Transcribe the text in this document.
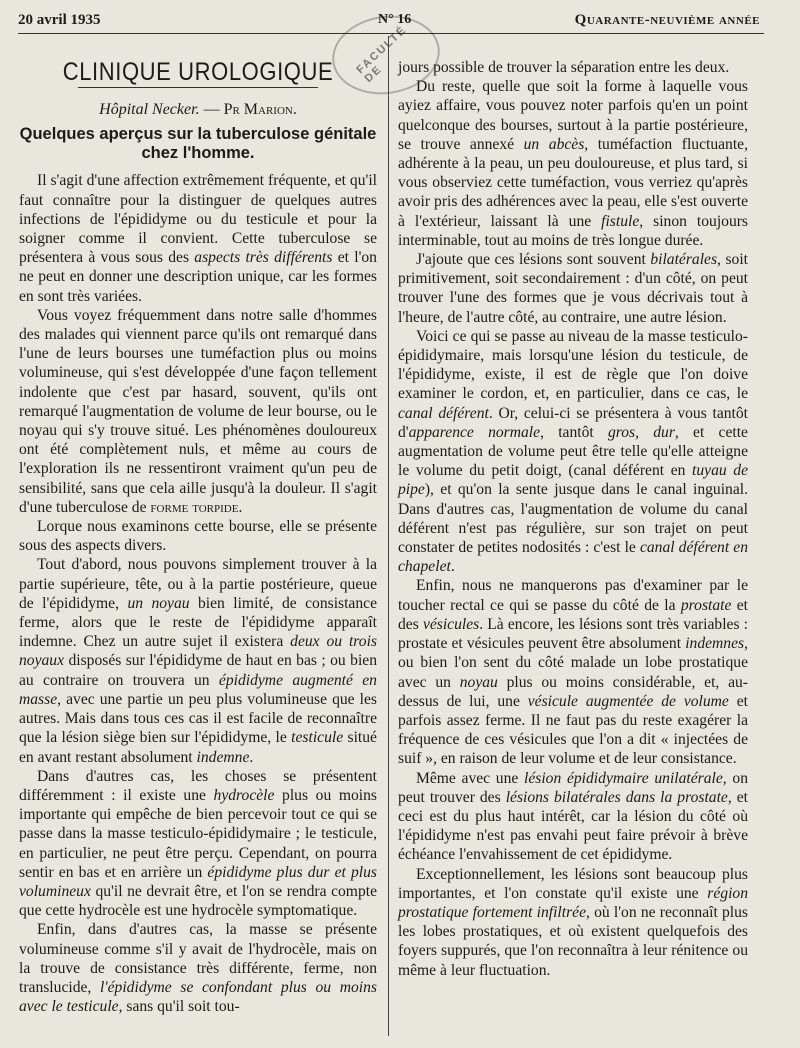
20 avril 1935	N° 16	Quarante-neuvième année
FACULTÉ DE
CLINIQUE UROLOGIQUE
Hôpital Necker. — Pr Marion.
Quelques aperçus sur la tuberculose génitale chez l'homme.

Il s'agit d'une affection extrêmement fréquente, et qu'il faut connaître pour la distinguer de quelques autres infections de l'épididyme ou du testicule et pour la soigner comme il convient. Cette tuberculose se présentera à vous sous des aspects très différents et l'on ne peut en donner une description unique, car les formes en sont très variées.

Vous voyez fréquemment dans notre salle d'hommes des malades qui viennent parce qu'ils ont remarqué dans l'une de leurs bourses une tuméfaction plus ou moins volumineuse, qui s'est développée d'une façon tellement indolente que c'est par hasard, souvent, qu'ils ont remarqué l'augmentation de volume de leur bourse, ou le noyau qui s'y trouve situé. Les phénomènes douloureux ont été complètement nuls, et même au cours de l'exploration ils ne ressentiront vraiment qu'un peu de sensibilité, sans que cela aille jusqu'à la douleur. Il s'agit d'une tuberculose de forme torpide.

Lorque nous examinons cette bourse, elle se présente sous des aspects divers.

Tout d'abord, nous pouvons simplement trouver à la partie supérieure, tête, ou à la partie postérieure, queue de l'épididyme, un noyau bien limité, de consistance ferme, alors que le reste de l'épididyme apparaît indemne. Chez un autre sujet il existera deux ou trois noyaux disposés sur l'épididyme de haut en bas ; ou bien au contraire on trouvera un épididyme augmenté en masse, avec une partie un peu plus volumineuse que les autres. Mais dans tous ces cas il est facile de reconnaître que la lésion siège bien sur l'épididyme, le testicule situé en avant restant absolument indemne.

Dans d'autres cas, les choses se présentent différemment : il existe une hydrocèle plus ou moins importante qui empêche de bien percevoir tout ce qui se passe dans la masse testiculo-épididymaire ; le testicule, en particulier, ne peut être perçu. Cependant, on pourra sentir en bas et en arrière un épididyme plus dur et plus volumineux qu'il ne devrait être, et l'on se rendra compte que cette hydrocèle est une hydrocèle symptomatique.

Enfin, dans d'autres cas, la masse se présente volumineuse comme s'il y avait de l'hydrocèle, mais on la trouve de consistance très différente, ferme, non translucide, l'épididyme se confondant plus ou moins avec le testicule, sans qu'il soit tou-

jours possible de trouver la séparation entre les deux.

Du reste, quelle que soit la forme à laquelle vous ayiez affaire, vous pouvez noter parfois qu'en un point quelconque des bourses, surtout à la partie postérieure, se trouve annexé un abcès, tuméfaction fluctuante, adhérente à la peau, un peu douloureuse, et plus tard, si vous observiez cette tuméfaction, vous verriez qu'après avoir pris des adhérences avec la peau, elle s'est ouverte à l'extérieur, laissant là une fistule, sinon toujours interminable, tout au moins de très longue durée.

J'ajoute que ces lésions sont souvent bilatérales, soit primitivement, soit secondairement : d'un côté, on peut trouver l'une des formes que je vous décrivais tout à l'heure, de l'autre côté, au contraire, une autre lésion.

Voici ce qui se passe au niveau de la masse testiculo-épididymaire, mais lorsqu'une lésion du testicule, de l'épididyme, existe, il est de règle que l'on doive examiner le cordon, et, en particulier, dans ce cas, le canal déférent. Or, celui-ci se présentera à vous tantôt d'apparence normale, tantôt gros, dur, et cette augmentation de volume peut être telle qu'elle atteigne le volume du petit doigt, (canal déférent en tuyau de pipe), et qu'on la sente jusque dans le canal inguinal. Dans d'autres cas, l'augmentation de volume du canal déférent n'est pas régulière, sur son trajet on peut constater de petites nodosités : c'est le canal déférent en chapelet.

Enfin, nous ne manquerons pas d'examiner par le toucher rectal ce qui se passe du côté de la prostate et des vésicules. Là encore, les lésions sont très variables : prostate et vésicules peuvent être absolument indemnes, ou bien l'on sent du côté malade un lobe prostatique avec un noyau plus ou moins considérable, et, au-dessus de lui, une vésicule augmentée de volume et parfois assez ferme. Il ne faut pas du reste exagérer la fréquence de ces vésicules que l'on a dit « injectées de suif », en raison de leur volume et de leur consistance.

Même avec une lésion épididymaire unilatérale, on peut trouver des lésions bilatérales dans la prostate, et ceci est du plus haut intérêt, car la lésion du côté où l'épididyme n'est pas envahi peut faire prévoir à brève échéance l'envahissement de cet épididyme.

Exceptionnellement, les lésions sont beaucoup plus importantes, et l'on constate qu'il existe une région prostatique fortement infiltrée, où l'on ne reconnaît plus les lobes prostatiques, et où existent quelquefois des foyers suppurés, que l'on reconnaîtra à leur rénitence ou même à leur fluctuation.
